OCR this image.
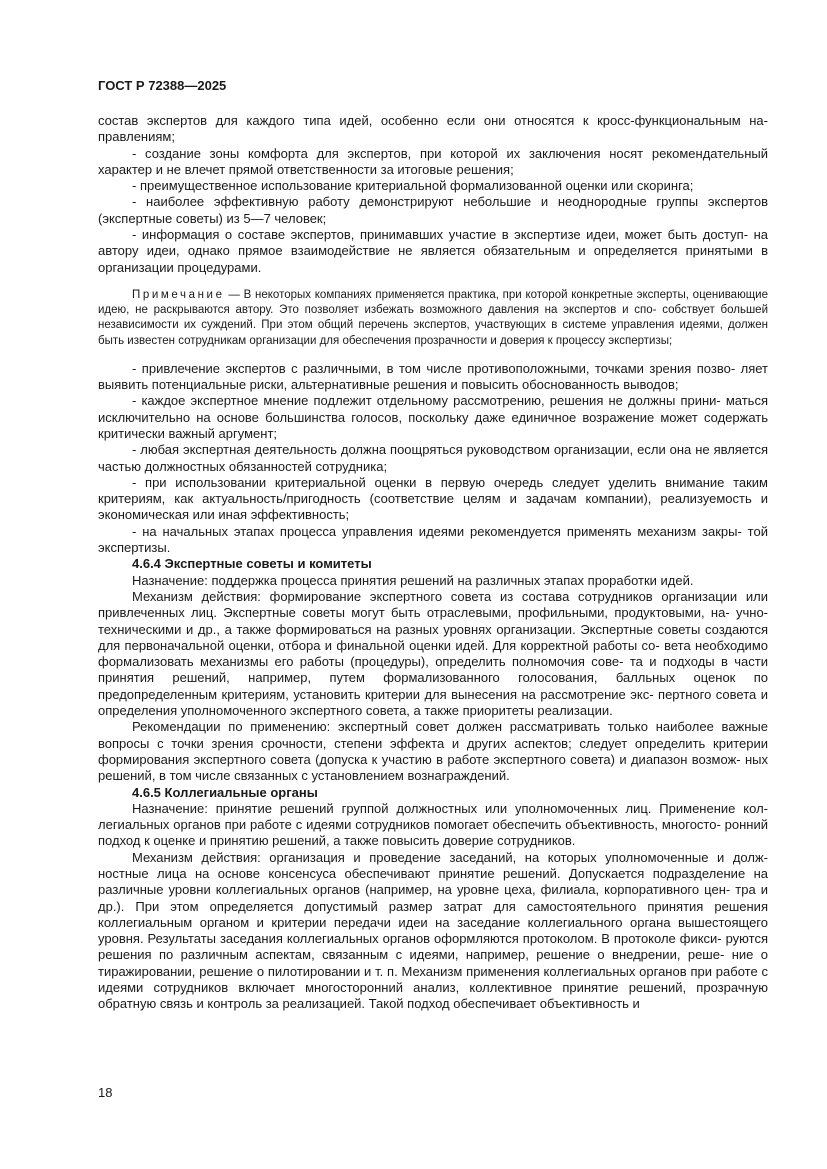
ГОСТ Р 72388—2025

состав экспертов для каждого типа идей, особенно если они относятся к кросс-функциональным на- правлениям;

- создание зоны комфорта для экспертов, при которой их заключения носят рекомендательный характер и не влечет прямой ответственности за итоговые решения;

- преимущественное использование критериальной формализованной оценки или скоринга;

- наиболее эффективную работу демонстрируют небольшие и неоднородные группы экспертов (экспертные советы) из 5—7 человек;

- информация о составе экспертов, принимавших участие в экспертизе идеи, может быть доступ- на автору идеи, однако прямое взаимодействие не является обязательным и определяется принятыми в организации процедурами.

Примечание — В некоторых компаниях применяется практика, при которой конкретные эксперты, оценивающие идею, не раскрываются автору. Это позволяет избежать возможного давления на экспертов и спо- собствует большей независимости их суждений. При этом общий перечень экспертов, участвующих в системе управления идеями, должен быть известен сотрудникам организации для обеспечения прозрачности и доверия к процессу экспертизы;

- привлечение экспертов с различными, в том числе противоположными, точками зрения позво- ляет выявить потенциальные риски, альтернативные решения и повысить обоснованность выводов;

- каждое экспертное мнение подлежит отдельному рассмотрению, решения не должны прини- маться исключительно на основе большинства голосов, поскольку даже единичное возражение может содержать критически важный аргумент;

- любая экспертная деятельность должна поощряться руководством организации, если она не является частью должностных обязанностей сотрудника;

- при использовании критериальной оценки в первую очередь следует уделить внимание таким критериям, как актуальность/пригодность (соответствие целям и задачам компании), реализуемость и экономическая или иная эффективность;

- на начальных этапах процесса управления идеями рекомендуется применять механизм закры- той экспертизы.

4.6.4 Экспертные советы и комитеты

Назначение: поддержка процесса принятия решений на различных этапах проработки идей.

Механизм действия: формирование экспертного совета из состава сотрудников организации или привлеченных лиц. Экспертные советы могут быть отраслевыми, профильными, продуктовыми, на- учно-техническими и др., а также формироваться на разных уровнях организации. Экспертные советы создаются для первоначальной оценки, отбора и финальной оценки идей. Для корректной работы со- вета необходимо формализовать механизмы его работы (процедуры), определить полномочия сове- та и подходы в части принятия решений, например, путем формализованного голосования, балльных оценок по предопределенным критериям, установить критерии для вынесения на рассмотрение экс- пертного совета и определения уполномоченного экспертного совета, а также приоритеты реализации.

Рекомендации по применению: экспертный совет должен рассматривать только наиболее важные вопросы с точки зрения срочности, степени эффекта и других аспектов; следует определить критерии формирования экспертного совета (допуска к участию в работе экспертного совета) и диапазон возмож- ных решений, в том числе связанных с установлением вознаграждений.

4.6.5 Коллегиальные органы

Назначение: принятие решений группой должностных или уполномоченных лиц. Применение кол- легиальных органов при работе с идеями сотрудников помогает обеспечить объективность, многосто- ронний подход к оценке и принятию решений, а также повысить доверие сотрудников.

Механизм действия: организация и проведение заседаний, на которых уполномоченные и долж- ностные лица на основе консенсуса обеспечивают принятие решений. Допускается подразделение на различные уровни коллегиальных органов (например, на уровне цеха, филиала, корпоративного цен- тра и др.). При этом определяется допустимый размер затрат для самостоятельного принятия решения коллегиальным органом и критерии передачи идеи на заседание коллегиального органа вышестоящего уровня. Результаты заседания коллегиальных органов оформляются протоколом. В протоколе фикси- руются решения по различным аспектам, связанным с идеями, например, решение о внедрении, реше- ние о тиражировании, решение о пилотировании и т. п. Механизм применения коллегиальных органов при работе с идеями сотрудников включает многосторонний анализ, коллективное принятие решений, прозрачную обратную связь и контроль за реализацией. Такой подход обеспечивает объективность и

18
